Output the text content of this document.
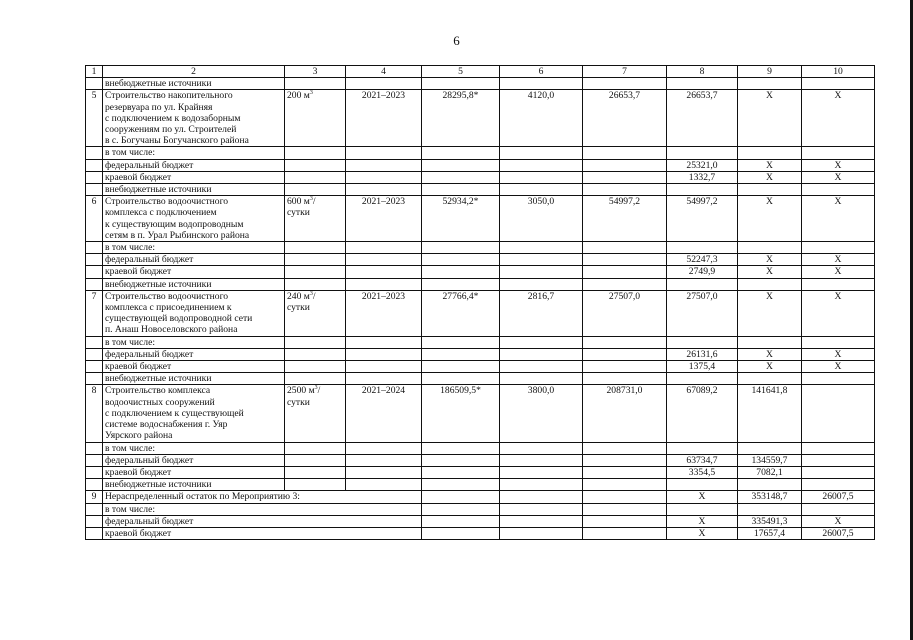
6
1	2	3	4	5	6	7	8	9	10
	внебюджетные источники								
5	Строительство накопительного
резервуара по ул. Крайняя
с подключением к водозаборным
сооружениям по ул. Строителей
в с. Богучаны Богучанского района	200 $м^3$	2021–2023	28295,8*	4120,0	26653,7	26653,7	Х	Х
	в том числе:								
	федеральный бюджет						25321,0	Х	Х
	краевой бюджет						1332,7	Х	Х
	внебюджетные источники								
6	Строительство водоочистного
комплекса с подключением
к существующим водопроводным
сетям в п. Урал Рыбинского района	600 $м^3/$
сутки	2021–2023	52934,2*	3050,0	54997,2	54997,2	Х	Х
	в том числе:								
	федеральный бюджет						52247,3	Х	Х
	краевой бюджет						2749,9	Х	Х
	внебюджетные источники								
7	Строительство водоочистного
комплекса с присоединением к
существующей водопроводной сети
п. Анаш Новоселовского района	240 $м^3/$
сутки	2021–2023	27766,4*	2816,7	27507,0	27507,0	Х	Х
	в том числе:								
	федеральный бюджет						26131,6	Х	Х
	краевой бюджет						1375,4	Х	Х
	внебюджетные источники								
8	Строительство комплекса
водоочистных сооружений
с подключением к существующей
системе водоснабжения г. Уяр
Уярского района	2500 $м^3/$
сутки	2021–2024	186509,5*	3800,0	208731,0	67089,2	141641,8	
	в том числе:								
	федеральный бюджет						63734,7	134559,7	
	краевой бюджет						3354,5	7082,1	
	внебюджетные источники								
9	Нераспределенный остаток по Мероприятию 3:						Х	353148,7	26007,5
	в том числе:								
	федеральный бюджет						Х	335491,3	Х
	краевой бюджет						Х	17657,4	26007,5
